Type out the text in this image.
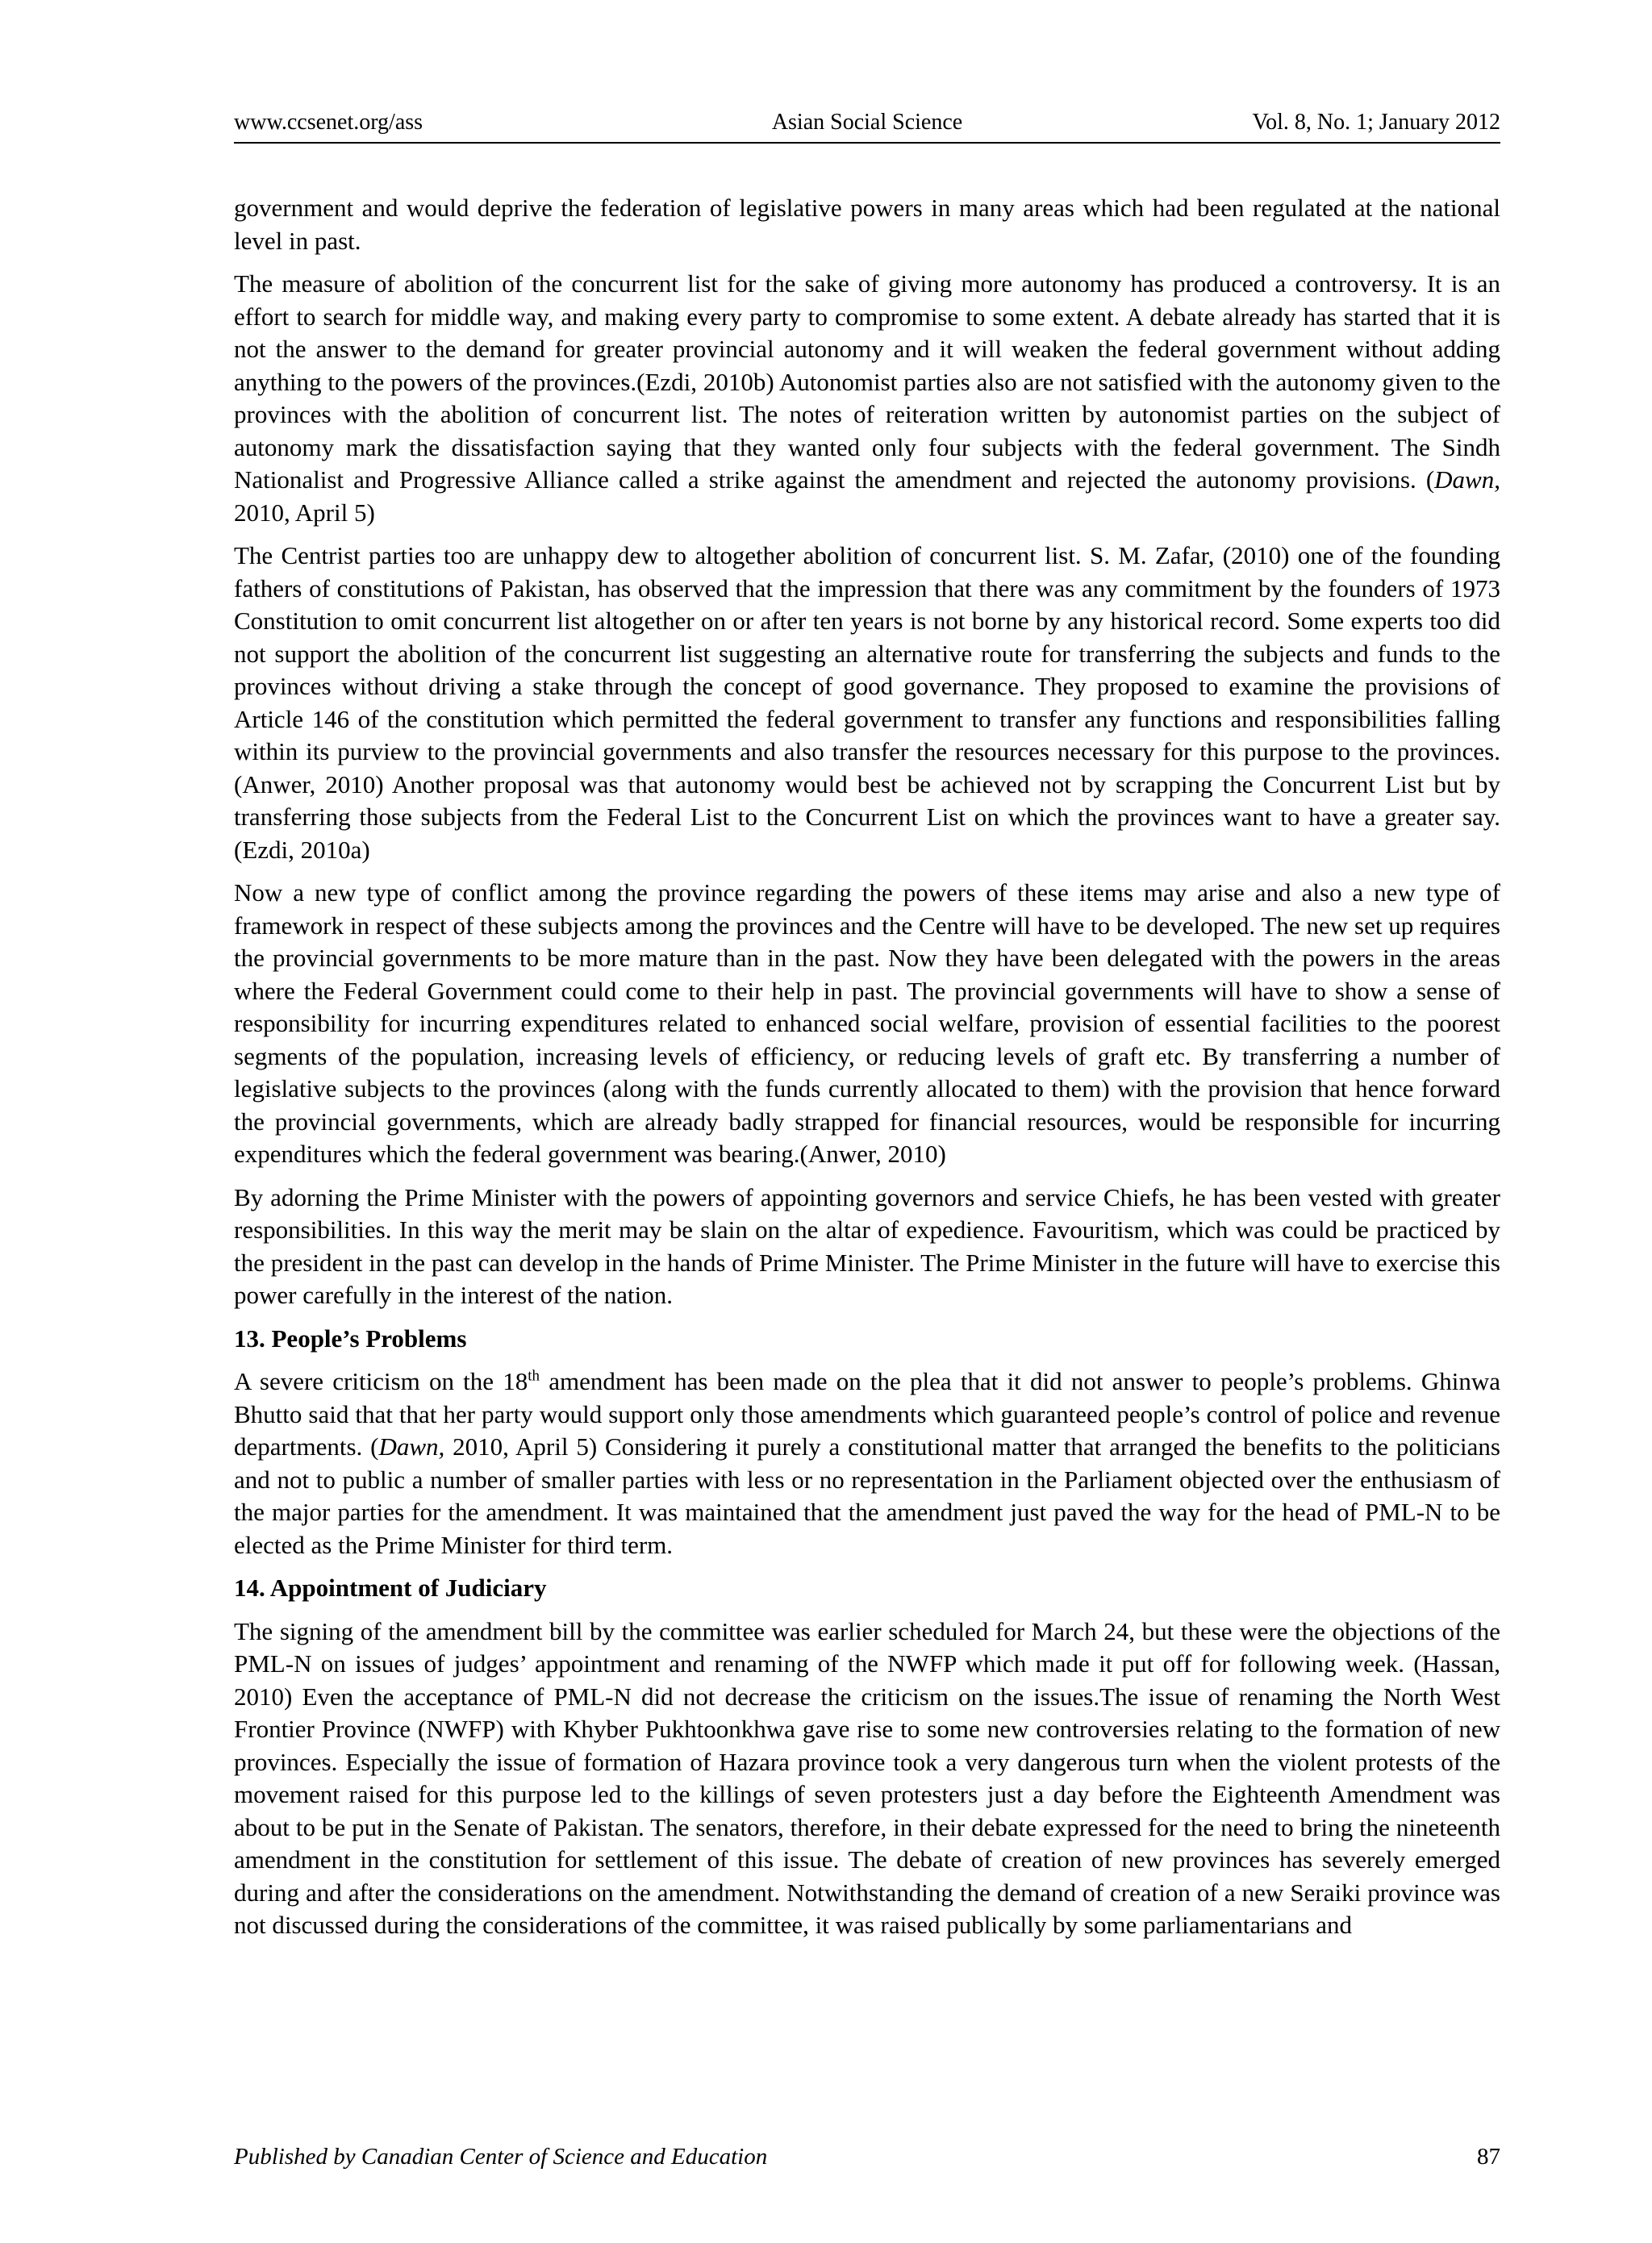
www.ccsenet.org/ass	Asian Social Science	Vol. 8, No. 1; January 2012

government and would deprive the federation of legislative powers in many areas which had been regulated at the national level in past.

The measure of abolition of the concurrent list for the sake of giving more autonomy has produced a controversy. It is an effort to search for middle way, and making every party to compromise to some extent. A debate already has started that it is not the answer to the demand for greater provincial autonomy and it will weaken the federal government without adding anything to the powers of the provinces.(Ezdi, 2010b) Autonomist parties also are not satisfied with the autonomy given to the provinces with the abolition of concurrent list. The notes of reiteration written by autonomist parties on the subject of autonomy mark the dissatisfaction saying that they wanted only four subjects with the federal government. The Sindh Nationalist and Progressive Alliance called a strike against the amendment and rejected the autonomy provisions. (Dawn, 2010, April 5)

The Centrist parties too are unhappy dew to altogether abolition of concurrent list. S. M. Zafar, (2010) one of the founding fathers of constitutions of Pakistan, has observed that the impression that there was any commitment by the founders of 1973 Constitution to omit concurrent list altogether on or after ten years is not borne by any historical record. Some experts too did not support the abolition of the concurrent list suggesting an alternative route for transferring the subjects and funds to the provinces without driving a stake through the concept of good governance. They proposed to examine the provisions of Article 146 of the constitution which permitted the federal government to transfer any functions and responsibilities falling within its purview to the provincial governments and also transfer the resources necessary for this purpose to the provinces. (Anwer, 2010) Another proposal was that autonomy would best be achieved not by scrapping the Concurrent List but by transferring those subjects from the Federal List to the Concurrent List on which the provinces want to have a greater say. (Ezdi, 2010a)

Now a new type of conflict among the province regarding the powers of these items may arise and also a new type of framework in respect of these subjects among the provinces and the Centre will have to be developed. The new set up requires the provincial governments to be more mature than in the past. Now they have been delegated with the powers in the areas where the Federal Government could come to their help in past. The provincial governments will have to show a sense of responsibility for incurring expenditures related to enhanced social welfare, provision of essential facilities to the poorest segments of the population, increasing levels of efficiency, or reducing levels of graft etc. By transferring a number of legislative subjects to the provinces (along with the funds currently allocated to them) with the provision that hence forward the provincial governments, which are already badly strapped for financial resources, would be responsible for incurring expenditures which the federal government was bearing.(Anwer, 2010)

By adorning the Prime Minister with the powers of appointing governors and service Chiefs, he has been vested with greater responsibilities. In this way the merit may be slain on the altar of expedience. Favouritism, which was could be practiced by the president in the past can develop in the hands of Prime Minister. The Prime Minister in the future will have to exercise this power carefully in the interest of the nation.

13. People’s Problems

A severe criticism on the 18th amendment has been made on the plea that it did not answer to people’s problems. Ghinwa Bhutto said that that her party would support only those amendments which guaranteed people’s control of police and revenue departments. (Dawn, 2010, April 5) Considering it purely a constitutional matter that arranged the benefits to the politicians and not to public a number of smaller parties with less or no representation in the Parliament objected over the enthusiasm of the major parties for the amendment. It was maintained that the amendment just paved the way for the head of PML-N to be elected as the Prime Minister for third term.

14. Appointment of Judiciary

The signing of the amendment bill by the committee was earlier scheduled for March 24, but these were the objections of the PML-N on issues of judges’ appointment and renaming of the NWFP which made it put off for following week. (Hassan, 2010) Even the acceptance of PML-N did not decrease the criticism on the issues.The issue of renaming the North West Frontier Province (NWFP) with Khyber Pukhtoonkhwa gave rise to some new controversies relating to the formation of new provinces. Especially the issue of formation of Hazara province took a very dangerous turn when the violent protests of the movement raised for this purpose led to the killings of seven protesters just a day before the Eighteenth Amendment was about to be put in the Senate of Pakistan. The senators, therefore, in their debate expressed for the need to bring the nineteenth amendment in the constitution for settlement of this issue. The debate of creation of new provinces has severely emerged during and after the considerations on the amendment. Notwithstanding the demand of creation of a new Seraiki province was not discussed during the considerations of the committee, it was raised publically by some parliamentarians and

Published by Canadian Center of Science and Education	87
